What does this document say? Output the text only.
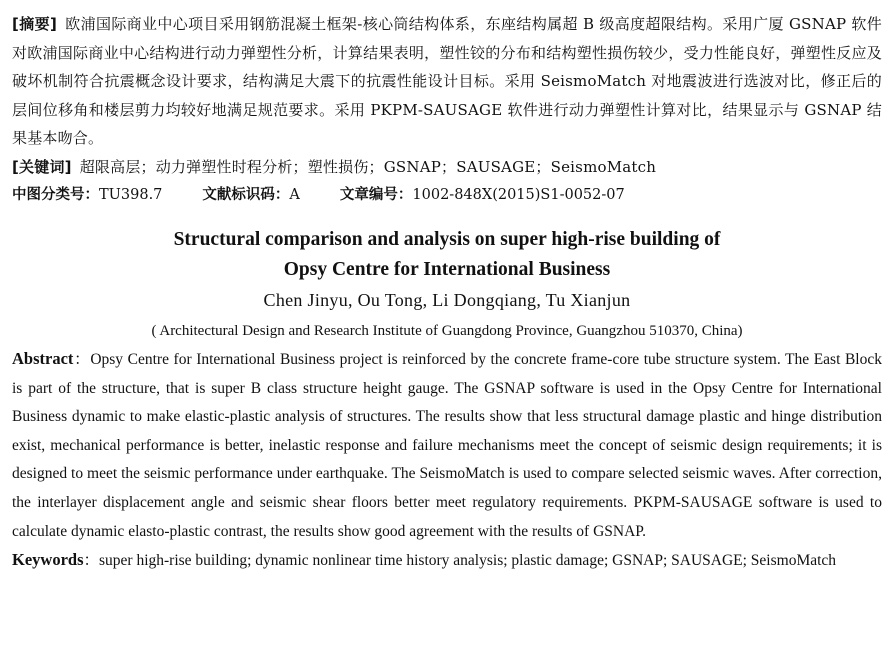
[摘要] 欧浦国际商业中心项目采用钢筋混凝土框架-核心筒结构体系，东座结构属超 B 级高度超限结构。采用广厦 GSNAP 软件对欧浦国际商业中心结构进行动力弹塑性分析，计算结果表明，塑性铰的分布和结构塑性损伤较少，受力性能良好，弹塑性反应及破坏机制符合抗震概念设计要求，结构满足大震下的抗震性能设计目标。采用 SeismoMatch 对地震波进行选波对比，修正后的层间位移角和楼层剪力均较好地满足规范要求。采用 PKPM-SAUSAGE 软件进行动力弹塑性计算对比，结果显示与 GSNAP 结果基本吻合。

[关键词] 超限高层；动力弹塑性时程分析；塑性损伤；GSNAP；SAUSAGE；SeismoMatch

中图分类号：TU398.7	文献标识码：A	文章编号：1002-848X(2015)S1-0052-07

Structural comparison and analysis on super high-rise building of
Opsy Centre for International Business

Chen Jinyu, Ou Tong, Li Dongqiang, Tu Xianjun

( Architectural Design and Research Institute of Guangdong Province, Guangzhou 510370, China)

Abstract：Opsy Centre for International Business project is reinforced by the concrete frame-core tube structure system. The East Block is part of the structure, that is super B class structure height gauge. The GSNAP software is used in the Opsy Centre for International Business dynamic to make elastic-plastic analysis of structures. The results show that less structural damage plastic and hinge distribution exist, mechanical performance is better, inelastic response and failure mechanisms meet the concept of seismic design requirements; it is designed to meet the seismic performance under earthquake. The SeismoMatch is used to compare selected seismic waves. After correction, the interlayer displacement angle and seismic shear floors better meet regulatory requirements. PKPM-SAUSAGE software is used to calculate dynamic elasto-plastic contrast, the results show good agreement with the results of GSNAP.

Keywords：super high-rise building; dynamic nonlinear time history analysis; plastic damage; GSNAP; SAUSAGE; SeismoMatch
